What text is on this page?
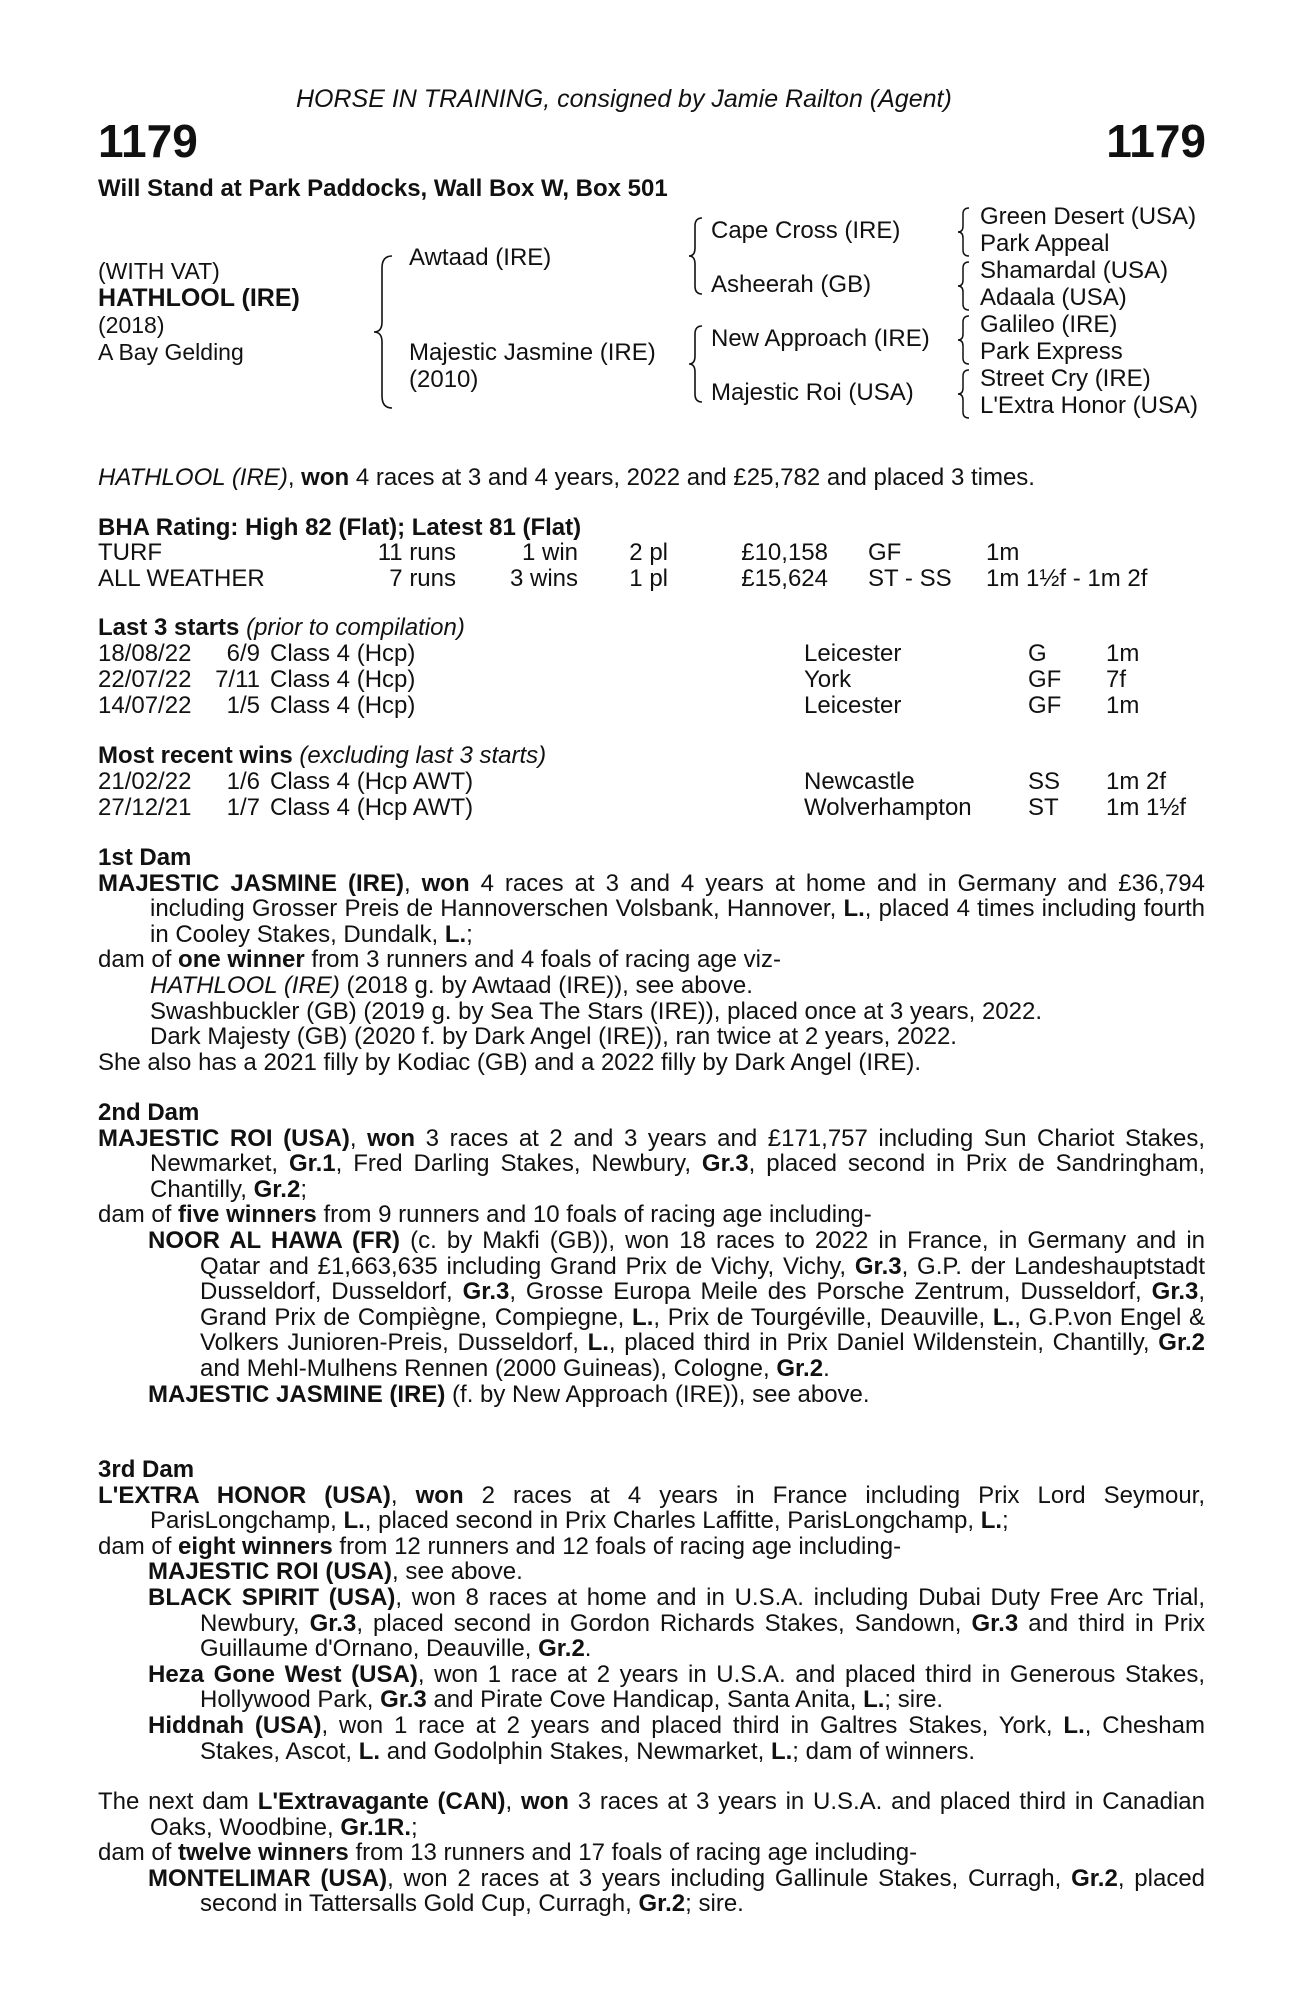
HORSE IN TRAINING, consigned by Jamie Railton (Agent)
1179	1179
Will Stand at Park Paddocks, Wall Box W, Box 501
(WITH VAT)
HATHLOOL (IRE)
(2018)
A Bay Gelding
Awtaad (IRE)
Majestic Jasmine (IRE)
(2010)
Cape Cross (IRE)
Asheerah (GB)
New Approach (IRE)
Majestic Roi (USA)
Green Desert (USA)
Park Appeal
Shamardal (USA)
Adaala (USA)
Galileo (IRE)
Park Express
Street Cry (IRE)
L'Extra Honor (USA)
HATHLOOL (IRE), won 4 races at 3 and 4 years, 2022 and £25,782 and placed 3 times.
BHA Rating: High 82 (Flat); Latest 81 (Flat)
TURF	11 runs	1 win	2 pl	£10,158	GF	1m
ALL WEATHER	7 runs	3 wins	1 pl	£15,624	ST - SS	1m 1½f - 1m 2f
Last 3 starts (prior to compilation)
18/08/22	6/9	Class 4 (Hcp)	Leicester	G	1m
22/07/22	7/11	Class 4 (Hcp)	York	GF	7f
14/07/22	1/5	Class 4 (Hcp)	Leicester	GF	1m
Most recent wins (excluding last 3 starts)
21/02/22	1/6	Class 4 (Hcp AWT)	Newcastle	SS	1m 2f
27/12/21	1/7	Class 4 (Hcp AWT)	Wolverhampton	ST	1m 1½f

1st Dam

MAJESTIC JASMINE (IRE), won 4 races at 3 and 4 years at home and in Germany and £36,794 including Grosser Preis de Hannoverschen Volsbank, Hannover, L., placed 4 times including fourth in Cooley Stakes, Dundalk, L.;

dam of one winner from 3 runners and 4 foals of racing age viz-

HATHLOOL (IRE) (2018 g. by Awtaad (IRE)), see above.

Swashbuckler (GB) (2019 g. by Sea The Stars (IRE)), placed once at 3 years, 2022.

Dark Majesty (GB) (2020 f. by Dark Angel (IRE)), ran twice at 2 years, 2022.

She also has a 2021 filly by Kodiac (GB) and a 2022 filly by Dark Angel (IRE).

2nd Dam

MAJESTIC ROI (USA), won 3 races at 2 and 3 years and £171,757 including Sun Chariot Stakes, Newmarket, Gr.1, Fred Darling Stakes, Newbury, Gr.3, placed second in Prix de Sandringham, Chantilly, Gr.2;

dam of five winners from 9 runners and 10 foals of racing age including-

NOOR AL HAWA (FR) (c. by Makfi (GB)), won 18 races to 2022 in France, in Germany and in Qatar and £1,663,635 including Grand Prix de Vichy, Vichy, Gr.3, G.P. der Landeshauptstadt Dusseldorf, Dusseldorf, Gr.3, Grosse Europa Meile des Porsche Zentrum, Dusseldorf, Gr.3, Grand Prix de Compiègne, Compiegne, L., Prix de Tourgéville, Deauville, L., G.P.von Engel & Volkers Junioren-Preis, Dusseldorf, L., placed third in Prix Daniel Wildenstein, Chantilly, Gr.2 and Mehl-Mulhens Rennen (2000 Guineas), Cologne, Gr.2.

MAJESTIC JASMINE (IRE) (f. by New Approach (IRE)), see above.

3rd Dam

L'EXTRA HONOR (USA), won 2 races at 4 years in France including Prix Lord Seymour, ParisLongchamp, L., placed second in Prix Charles Laffitte, ParisLongchamp, L.;

dam of eight winners from 12 runners and 12 foals of racing age including-

MAJESTIC ROI (USA), see above.

BLACK SPIRIT (USA), won 8 races at home and in U.S.A. including Dubai Duty Free Arc Trial, Newbury, Gr.3, placed second in Gordon Richards Stakes, Sandown, Gr.3 and third in Prix Guillaume d'Ornano, Deauville, Gr.2.

Heza Gone West (USA), won 1 race at 2 years in U.S.A. and placed third in Generous Stakes, Hollywood Park, Gr.3 and Pirate Cove Handicap, Santa Anita, L.; sire.

Hiddnah (USA), won 1 race at 2 years and placed third in Galtres Stakes, York, L., Chesham Stakes, Ascot, L. and Godolphin Stakes, Newmarket, L.; dam of winners.

The next dam L'Extravagante (CAN), won 3 races at 3 years in U.S.A. and placed third in Canadian Oaks, Woodbine, Gr.1R.;

dam of twelve winners from 13 runners and 17 foals of racing age including-

MONTELIMAR (USA), won 2 races at 3 years including Gallinule Stakes, Curragh, Gr.2, placed second in Tattersalls Gold Cup, Curragh, Gr.2; sire.
